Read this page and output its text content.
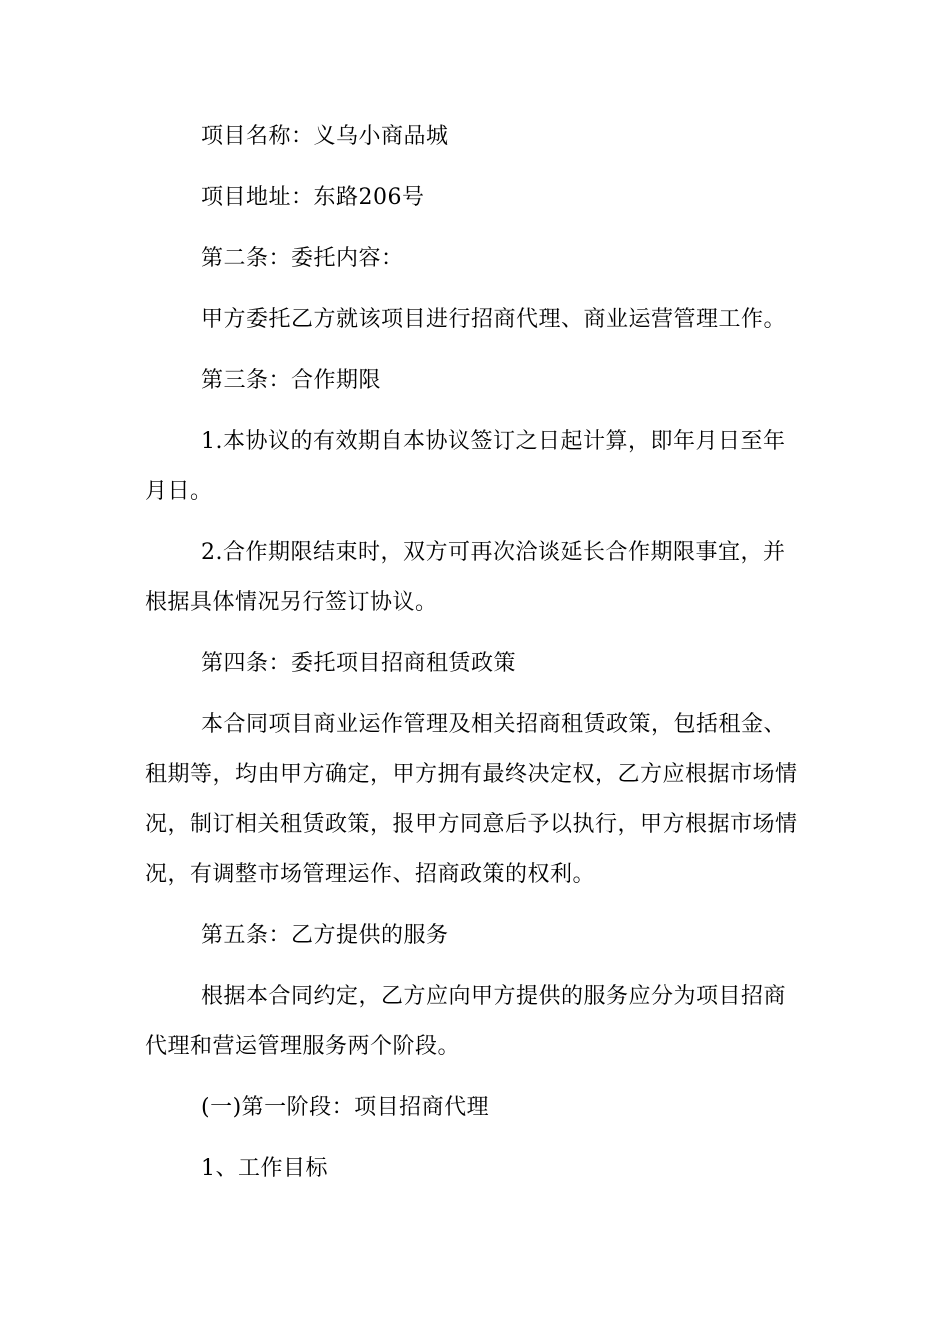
项目名称：义乌小商品城

项目地址：东路206号

第二条：委托内容：

甲方委托乙方就该项目进行招商代理、商业运营管理工作。

第三条：合作期限

1.本协议的有效期自本协议签订之日起计算，即年月日至年月日。

2.合作期限结束时，双方可再次洽谈延长合作期限事宜，并根据具体情况另行签订协议。

第四条：委托项目招商租赁政策

本合同项目商业运作管理及相关招商租赁政策，包括租金、租期等，均由甲方确定，甲方拥有最终决定权，乙方应根据市场情况，制订相关租赁政策，报甲方同意后予以执行，甲方根据市场情况，有调整市场管理运作、招商政策的权利。

第五条：乙方提供的服务

根据本合同约定，乙方应向甲方提供的服务应分为项目招商代理和营运管理服务两个阶段。

(一)第一阶段：项目招商代理

1、工作目标
